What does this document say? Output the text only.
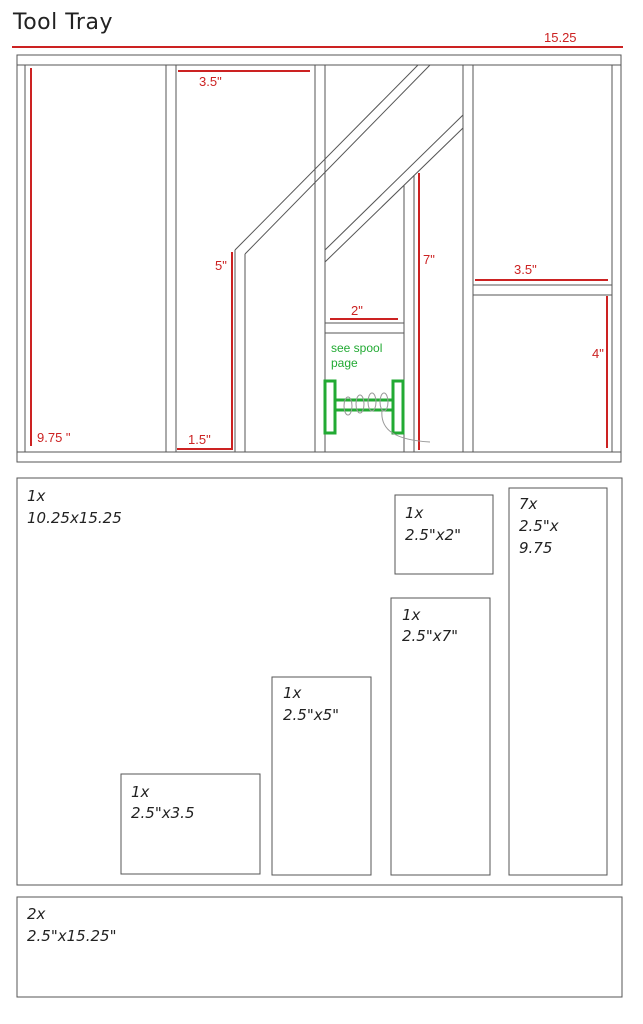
Tool Tray
15.25
9.75 "
3.5"
5"
1.5"
2"
7"
3.5"
4"
see spool
page
1x
10.25x15.25	1x
2.5"x2"
7x
2.5"x
9.75
1x
2.5"x7"
1x
2.5"x5"
1x
2.5"x3.5
2x
2.5"x15.25"
